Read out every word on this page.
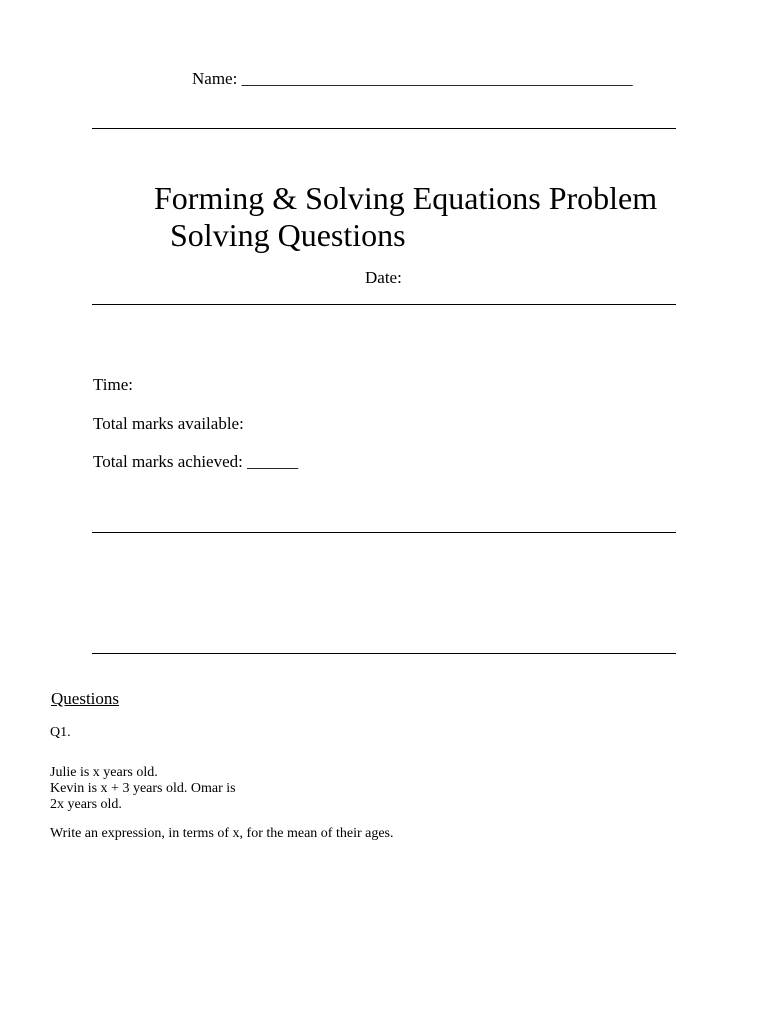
Name: ______________________________________________
Forming & Solving Equations Problem
Solving Questions
Date:
Time:
Total marks available:
Total marks achieved: ______
Questions
Q1.
Julie is x years old.
Kevin is x + 3 years old. Omar is
2x years old.
Write an expression, in terms of x, for the mean of their ages.
